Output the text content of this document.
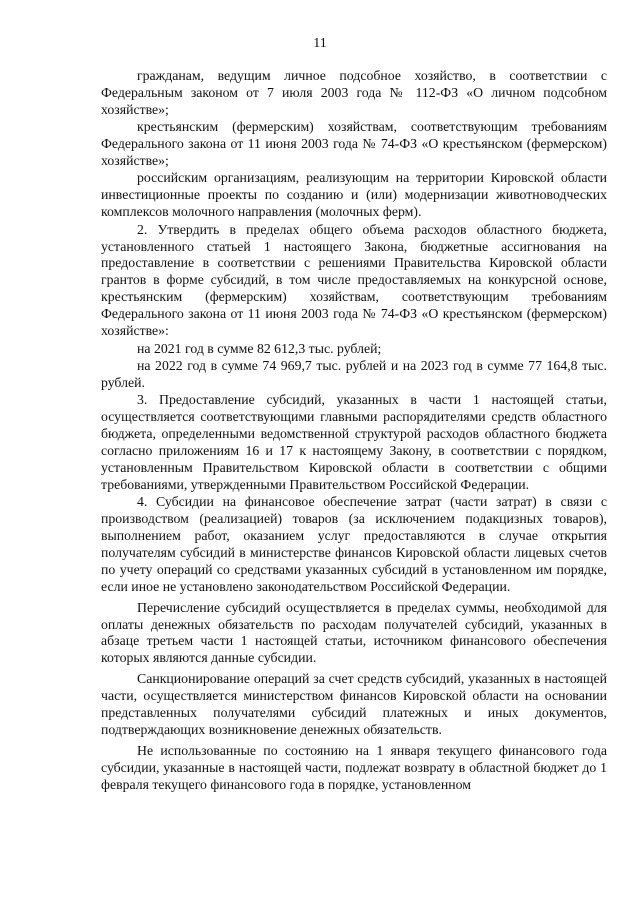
11

гражданам, ведущим личное подсобное хозяйство, в соответствии с Федеральным законом от 7 июля 2003 года № 112-ФЗ «О личном подсобном хозяйстве»;

крестьянским (фермерским) хозяйствам, соответствующим требованиям Федерального закона от 11 июня 2003 года № 74-ФЗ «О крестьянском (фермерском) хозяйстве»;

российским организациям, реализующим на территории Кировской области инвестиционные проекты по созданию и (или) модернизации животноводческих комплексов молочного направления (молочных ферм).

2. Утвердить в пределах общего объема расходов областного бюджета, установленного статьей 1 настоящего Закона, бюджетные ассигнования на предоставление в соответствии с решениями Правительства Кировской области грантов в форме субсидий, в том числе предоставляемых на конкурсной основе, крестьянским (фермерским) хозяйствам, соответствующим требованиям Федерального закона от 11 июня 2003 года № 74-ФЗ «О крестьянском (фермерском) хозяйстве»:

на 2021 год в сумме 82 612,3 тыс. рублей;

на 2022 год в сумме 74 969,7 тыс. рублей и на 2023 год в сумме 77 164,8 тыс. рублей.

3. Предоставление субсидий, указанных в части 1 настоящей статьи, осуществляется соответствующими главными распорядителями средств областного бюджета, определенными ведомственной структурой расходов областного бюджета согласно приложениям 16 и 17 к настоящему Закону, в соответствии с порядком, установленным Правительством Кировской области в соответствии с общими требованиями, утвержденными Правительством Российской Федерации.

4. Субсидии на финансовое обеспечение затрат (части затрат) в связи с производством (реализацией) товаров (за исключением подакцизных товаров), выполнением работ, оказанием услуг предоставляются в случае открытия получателям субсидий в министерстве финансов Кировской области лицевых счетов по учету операций со средствами указанных субсидий в установленном им порядке, если иное не установлено законодательством Российской Федерации.

Перечисление субсидий осуществляется в пределах суммы, необходимой для оплаты денежных обязательств по расходам получателей субсидий, указанных в абзаце третьем части 1 настоящей статьи, источником финансового обеспечения которых являются данные субсидии.

Санкционирование операций за счет средств субсидий, указанных в настоящей части, осуществляется министерством финансов Кировской области на основании представленных получателями субсидий платежных и иных документов, подтверждающих возникновение денежных обязательств.

Не использованные по состоянию на 1 января текущего финансового года субсидии, указанные в настоящей части, подлежат возврату в областной бюджет до 1 февраля текущего финансового года в порядке, установленном
